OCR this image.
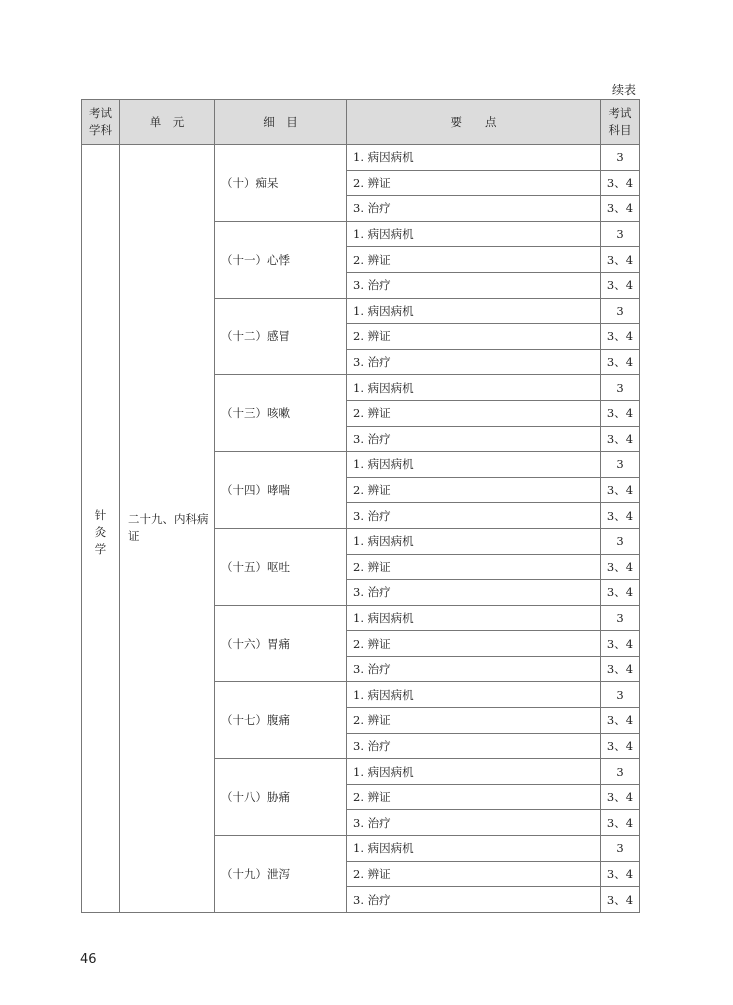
续表
考试学科	单　元	细　目	要　　点	考试科目
针灸学	二十九、内科病证	（十）痴呆	1. 病因病机	3
			2. 辨证	3、4
			3. 治疗	3、4
		（十一）心悸	1. 病因病机	3
			2. 辨证	3、4
			3. 治疗	3、4
		（十二）感冒	1. 病因病机	3
			2. 辨证	3、4
			3. 治疗	3、4
		（十三）咳嗽	1. 病因病机	3
			2. 辨证	3、4
			3. 治疗	3、4
		（十四）哮喘	1. 病因病机	3
			2. 辨证	3、4
			3. 治疗	3、4
		（十五）呕吐	1. 病因病机	3
			2. 辨证	3、4
			3. 治疗	3、4
		（十六）胃痛	1. 病因病机	3
			2. 辨证	3、4
			3. 治疗	3、4
		（十七）腹痛	1. 病因病机	3
			2. 辨证	3、4
			3. 治疗	3、4
		（十八）胁痛	1. 病因病机	3
			2. 辨证	3、4
			3. 治疗	3、4
		（十九）泄泻	1. 病因病机	3
			2. 辨证	3、4
			3. 治疗	3、4
46
